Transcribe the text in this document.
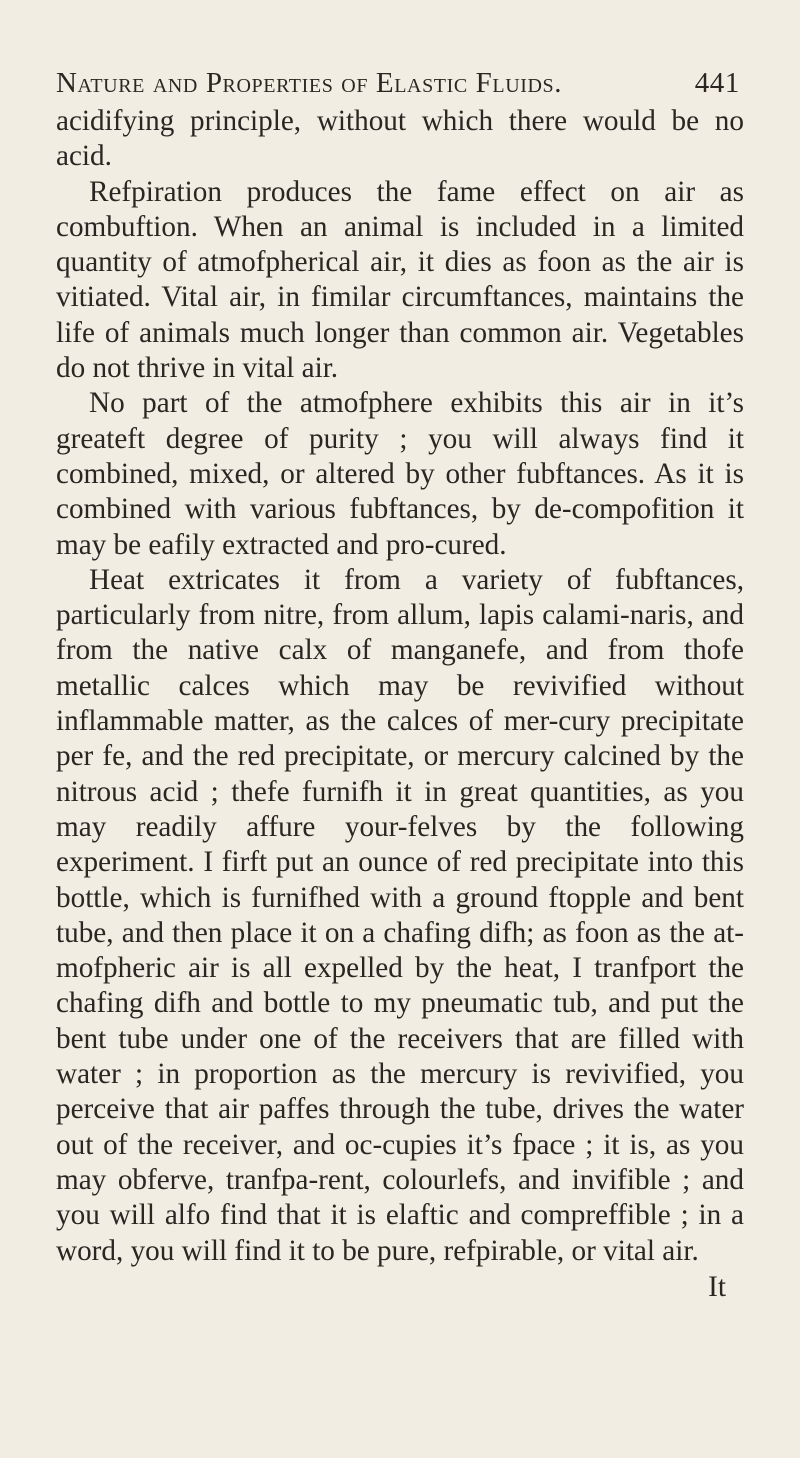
Nature and Properties of Elastic Fluids.	441

acidifying principle, without which there would be no acid.

Refpiration produces the fame effect on air as combuftion. When an animal is included in a limited quantity of atmofpherical air, it dies as foon as the air is vitiated. Vital air, in fimilar circumftances, maintains the life of animals much longer than common air. Vegetables do not thrive in vital air.

No part of the atmofphere exhibits this air in it’s greateft degree of purity ; you will always find it combined, mixed, or altered by other fubftances. As it is combined with various fubftances, by de-compofition it may be eafily extracted and pro-cured.

Heat extricates it from a variety of fubftances, particularly from nitre, from allum, lapis calami-naris, and from the native calx of manganefe, and from thofe metallic calces which may be revivified without inflammable matter, as the calces of mer-cury precipitate per fe, and the red precipitate, or mercury calcined by the nitrous acid ; thefe furnifh it in great quantities, as you may readily affure your-felves by the following experiment. I firft put an ounce of red precipitate into this bottle, which is furnifhed with a ground ftopple and bent tube, and then place it on a chafing difh; as foon as the at-mofpheric air is all expelled by the heat, I tranfport the chafing difh and bottle to my pneumatic tub, and put the bent tube under one of the receivers that are filled with water ; in proportion as the mercury is revivified, you perceive that air paffes through the tube, drives the water out of the receiver, and oc-cupies it’s fpace ; it is, as you may obferve, tranfpa-rent, colourlefs, and invifible ; and you will alfo find that it is elaftic and compreffible ; in a word, you will find it to be pure, refpirable, or vital air.

It
